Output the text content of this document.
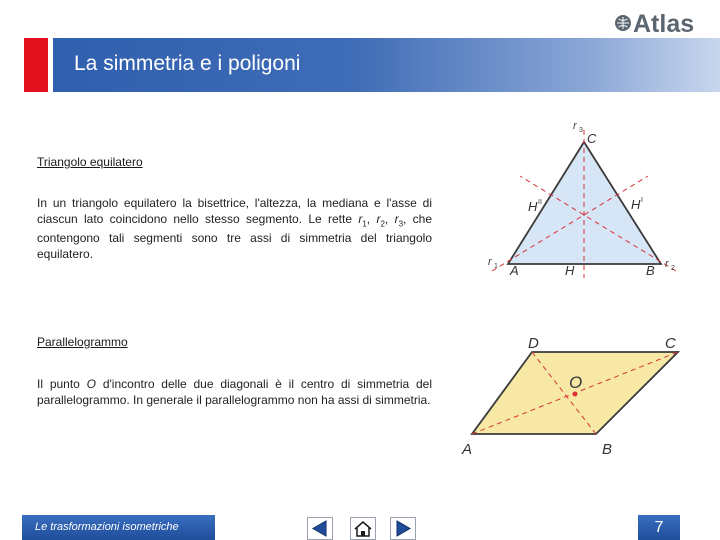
Atlas
La simmetria e i poligoni
Triangolo equilatero
In un triangolo equilatero la bisettrice, l'altezza, la mediana e l'asse di ciascun lato coincidono nello stesso segmento. Le rette $r_1$, $r_2$, $r_3$, che contengono tali segmenti sono tre assi di simmetria del triangolo equilatero.
C
A	B
H
H I
H II
r 3
r 1	r 2
Parallelogrammo
Il punto O d'incontro delle due diagonali è il centro di simmetria del parallelogrammo. In generale il parallelogrammo non ha assi di simmetria.
D	C
A	B
O
Le trasformazioni isometriche	7
